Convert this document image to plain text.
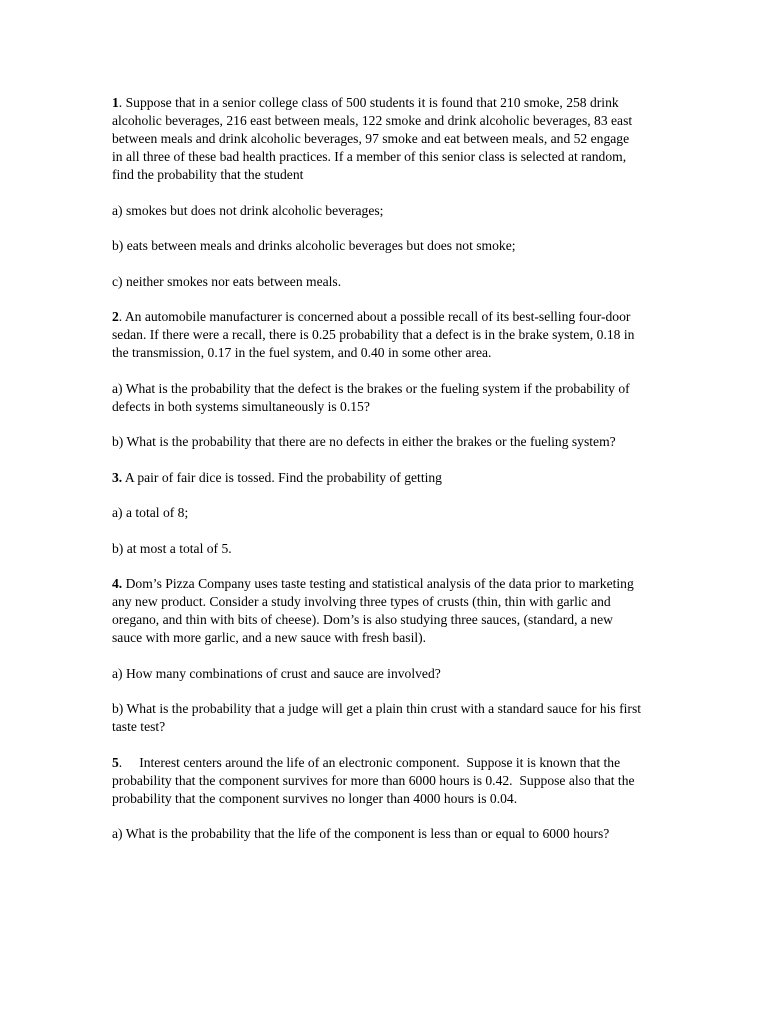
1. Suppose that in a senior college class of 500 students it is found that 210 smoke, 258 drink alcoholic beverages, 216 east between meals, 122 smoke and drink alcoholic beverages, 83 east between meals and drink alcoholic beverages, 97 smoke and eat between meals, and 52 engage in all three of these bad health practices. If a member of this senior class is selected at random, find the probability that the student

a) smokes but does not drink alcoholic beverages;

b) eats between meals and drinks alcoholic beverages but does not smoke;

c) neither smokes nor eats between meals.

2. An automobile manufacturer is concerned about a possible recall of its best-selling four-door sedan. If there were a recall, there is 0.25 probability that a defect is in the brake system, 0.18 in the transmission, 0.17 in the fuel system, and 0.40 in some other area.

a) What is the probability that the defect is the brakes or the fueling system if the probability of defects in both systems simultaneously is 0.15?

b) What is the probability that there are no defects in either the brakes or the fueling system?

3. A pair of fair dice is tossed. Find the probability of getting

a) a total of 8;

b) at most a total of 5.

4. Dom’s Pizza Company uses taste testing and statistical analysis of the data prior to marketing any new product. Consider a study involving three types of crusts (thin, thin with garlic and oregano, and thin with bits of cheese). Dom’s is also studying three sauces, (standard, a new sauce with more garlic, and a new sauce with fresh basil).

a) How many combinations of crust and sauce are involved?

b) What is the probability that a judge will get a plain thin crust with a standard sauce for his first taste test?

5.     Interest centers around the life of an electronic component.  Suppose it is known that the probability that the component survives for more than 6000 hours is 0.42.  Suppose also that the probability that the component survives no longer than 4000 hours is 0.04.

a) What is the probability that the life of the component is less than or equal to 6000 hours?
